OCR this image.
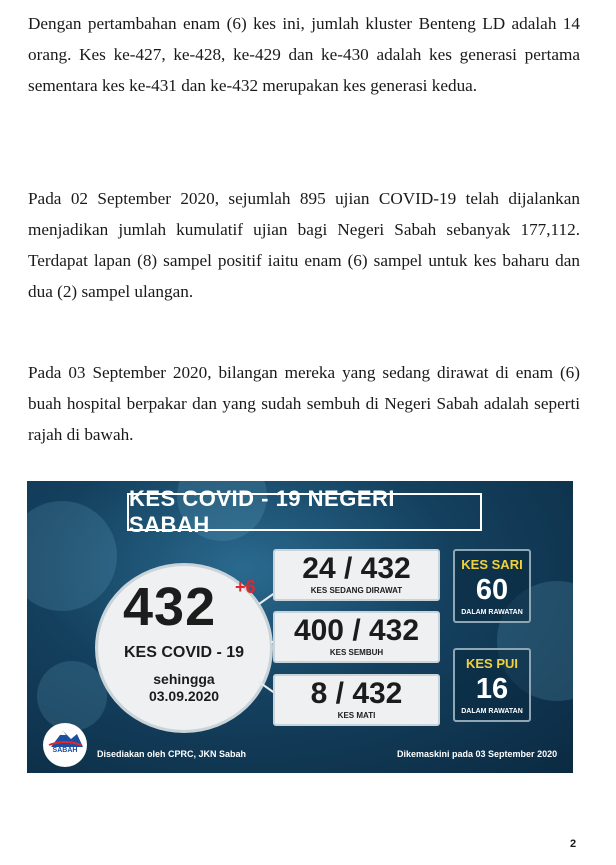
Dengan pertambahan enam (6) kes ini, jumlah kluster Benteng LD adalah 14 orang. Kes ke-427, ke-428, ke-429 dan ke-430 adalah kes generasi pertama sementara kes ke-431 dan ke-432 merupakan kes generasi kedua.

Pada 02 September 2020, sejumlah 895 ujian COVID-19 telah dijalankan menjadikan jumlah kumulatif ujian bagi Negeri Sabah sebanyak 177,112. Terdapat lapan (8) sampel positif iaitu enam (6) sampel untuk kes baharu dan dua (2) sampel ulangan.

Pada 03 September 2020, bilangan mereka yang sedang dirawat di enam (6) buah hospital berpakar dan yang sudah sembuh di Negeri Sabah adalah seperti rajah di bawah.

KES COVID - 19 NEGERI SABAH
432 +6
KES COVID - 19
sehingga
03.09.2020
24 / 432
KES SEDANG DIRAWAT
400 / 432
KES SEMBUH
8 / 432
KES MATI
KES SARI
60
DALAM RAWATAN
KES PUI
16
DALAM RAWATAN
SABAH	Disediakan oleh CPRC, JKN Sabah	Dikemaskini pada 03 September 2020
2
